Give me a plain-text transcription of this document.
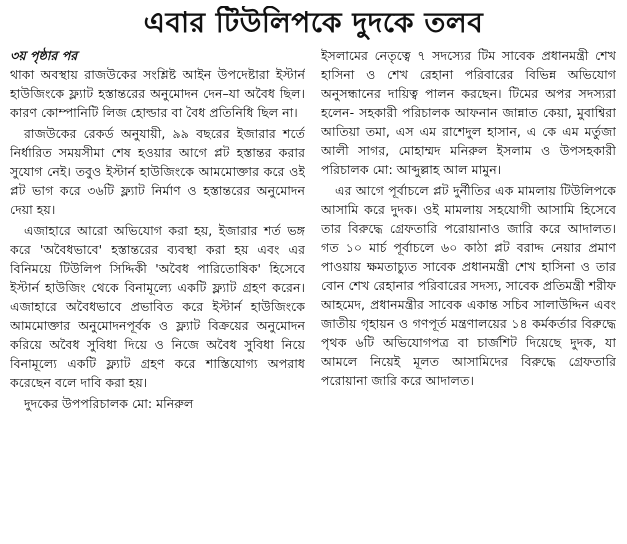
এবার টিউলিপকে দুদকে তলব

৩য় পৃষ্ঠার পর

থাকা অবস্থায় রাজউকের সংশ্লিষ্ট আইন উপদেষ্টারা ইস্টার্ন হাউজিংকে ফ্ল্যাট হস্তান্তরের অনুমোদন দেন–যা অবৈধ ছিল। কারণ কোম্পানিটি লিজ হোল্ডার বা বৈধ প্রতিনিধি ছিল না।

রাজউকের রেকর্ড অনুযায়ী, ৯৯ বছরের ইজারার শর্তে নির্ধারিত সময়সীমা শেষ হওয়ার আগে প্লট হস্তান্তর করার সুযোগ নেই। তবুও ইস্টার্ন হাউজিংকে আমমোক্তার করে ওই প্লট ভাগ করে ৩৬টি ফ্ল্যাট নির্মাণ ও হস্তান্তরের অনুমোদন দেয়া হয়।

এজাহারে আরো অভিযোগ করা হয়, ইজারার শর্ত ভঙ্গ করে 'অবৈধভাবে' হস্তান্তরের ব্যবস্থা করা হয় এবং এর বিনিময়ে টিউলিপ সিদ্দিকী 'অবৈধ পারিতোষিক' হিসেবে ইস্টার্ন হাউজিং থেকে বিনামূল্যে একটি ফ্ল্যাট গ্রহণ করেন। এজাহারে অবৈধভাবে প্রভাবিত করে ইস্টার্ন হাউজিংকে আমমোক্তার অনুমোদনপূর্বক ও ফ্ল্যাট বিক্রয়ের অনুমোদন করিয়ে অবৈধ সুবিধা দিয়ে ও নিজে অবৈধ সুবিধা নিয়ে বিনামূল্যে একটি ফ্ল্যাট গ্রহণ করে শাস্তিযোগ্য অপরাধ করেছেন বলে দাবি করা হয়।

দুদকের উপপরিচালক মো: মনিরুল

ইসলামের নেতৃত্বে ৭ সদস্যের টিম সাবেক প্রধানমন্ত্রী শেখ হাসিনা ও শেখ রেহানা পরিবারের বিভিন্ন অভিযোগ অনুসন্ধানের দায়িত্ব পালন করছেন। টিমের অপর সদস্যরা হলেন- সহকারী পরিচালক আফনান জান্নাত কেয়া, মুবাশ্বিরা আতিয়া তমা, এস এম রাশেদুল হাসান, এ কে এম মর্তুজা আলী সাগর, মোহাম্মদ মনিরুল ইসলাম ও উপসহকারী পরিচালক মো: আব্দুল্লাহ আল মামুন।

এর আগে পূর্বাচলে প্লট দুর্নীতির এক মামলায় টিউলিপকে আসামি করে দুদক। ওই মামলায় সহযোগী আসামি হিসেবে তার বিরুদ্ধে গ্রেফতারি পরোয়ানাও জারি করে আদালত। গত ১০ মার্চ পূর্বাচলে ৬০ কাঠা প্লট বরাদ্দ নেয়ার প্রমাণ পাওয়ায় ক্ষমতাচ্যুত সাবেক প্রধানমন্ত্রী শেখ হাসিনা ও তার বোন শেখ রেহানার পরিবারের সদস্য, সাবেক প্রতিমন্ত্রী শরীফ আহমেদ, প্রধানমন্ত্রীর সাবেক একান্ত সচিব সালাউদ্দিন এবং জাতীয় গৃহায়ন ও গণপূর্ত মন্ত্রণালয়ের ১৪ কর্মকর্তার বিরুদ্ধে পৃথক ৬টি অভিযোগপত্র বা চার্জশিট দিয়েছে দুদক, যা আমলে নিয়েই মূলত আসামিদের বিরুদ্ধে গ্রেফতারি পরোয়ানা জারি করে আদালত।
